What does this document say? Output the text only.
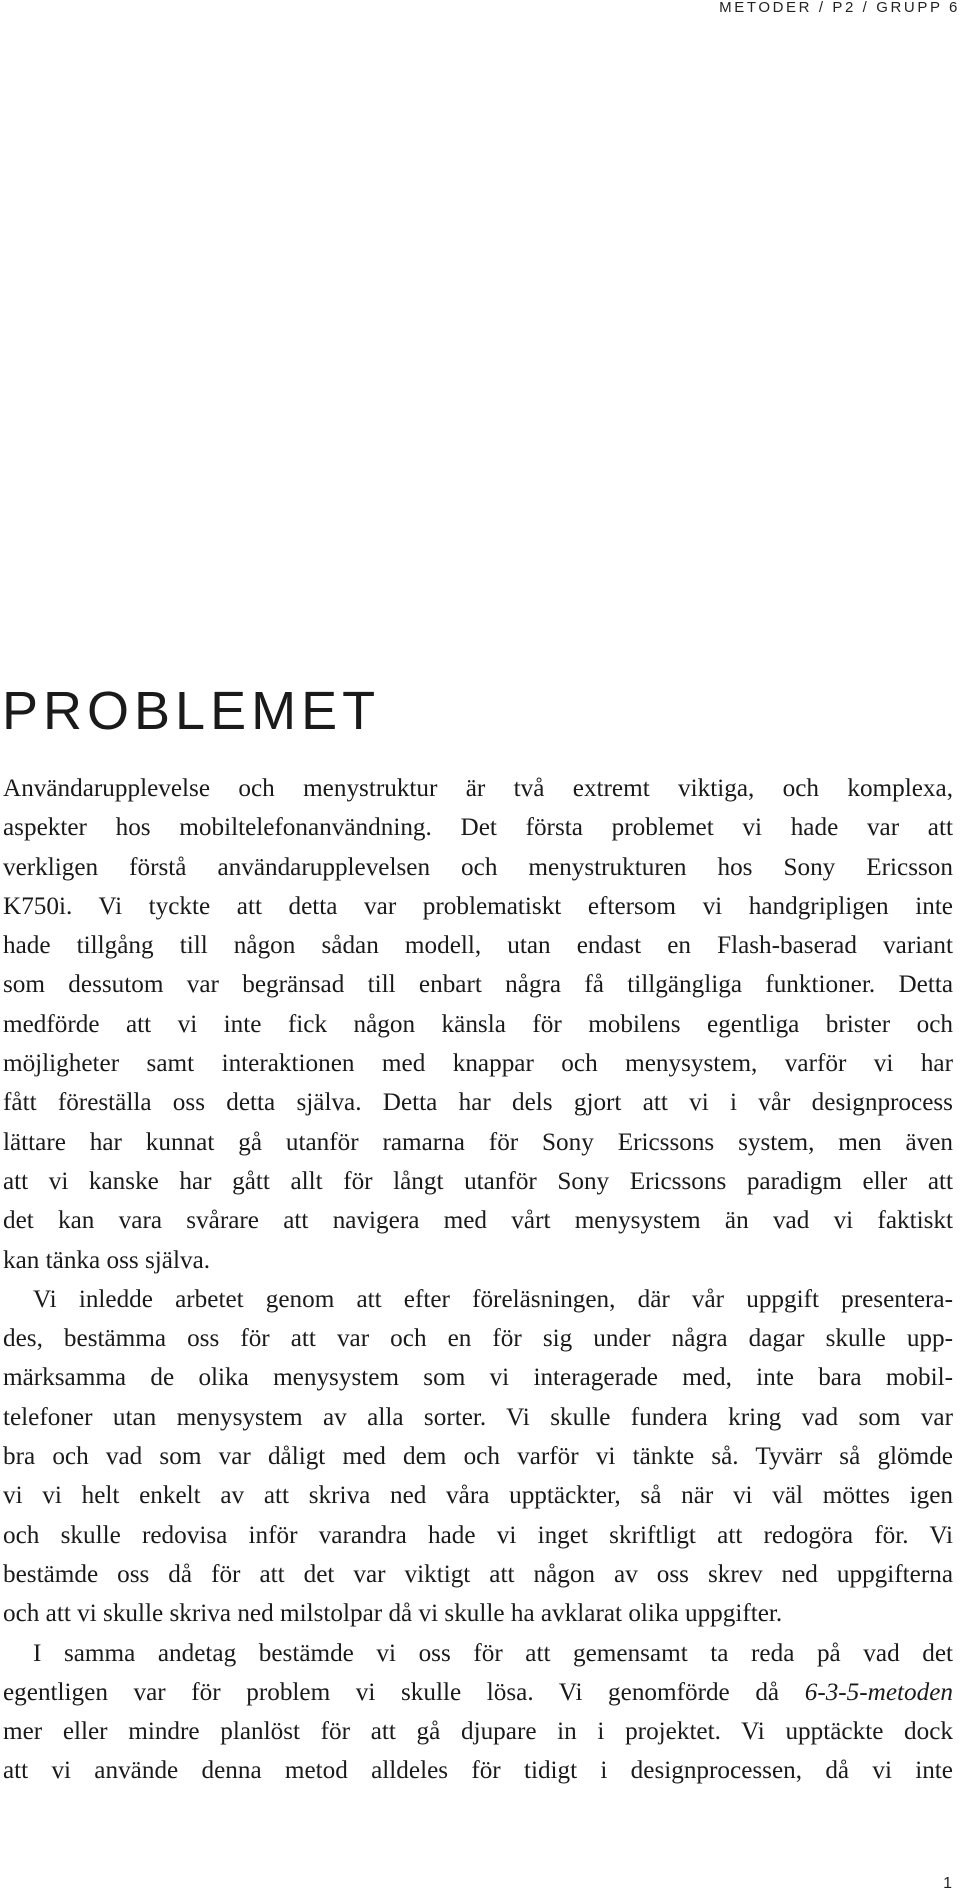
METODER / P2 / GRUPP 6
PROBLEMET
Användarupplevelse och menystruktur är två extremt viktiga, och komplexa,
aspekter hos mobiltelefonanvändning. Det första problemet vi hade var att
verkligen förstå användarupplevelsen och menystrukturen hos Sony Ericsson
K750i. Vi tyckte att detta var problematiskt eftersom vi handgripligen inte
hade tillgång till någon sådan modell, utan endast en Flash-baserad variant
som dessutom var begränsad till enbart några få tillgängliga funktioner. Detta
medförde att vi inte fick någon känsla för mobilens egentliga brister och
möjligheter samt interaktionen med knappar och menysystem, varför vi har
fått föreställa oss detta själva. Detta har dels gjort att vi i vår designprocess
lättare har kunnat gå utanför ramarna för Sony Ericssons system, men även
att vi kanske har gått allt för långt utanför Sony Ericssons paradigm eller att
det kan vara svårare att navigera med vårt menysystem än vad vi faktiskt
kan tänka oss själva.
Vi inledde arbetet genom att efter föreläsningen, där vår uppgift presentera-
des, bestämma oss för att var och en för sig under några dagar skulle upp-
märksamma de olika menysystem som vi interagerade med, inte bara mobil-
telefoner utan menysystem av alla sorter. Vi skulle fundera kring vad som var
bra och vad som var dåligt med dem och varför vi tänkte så. Tyvärr så glömde
vi vi helt enkelt av att skriva ned våra upptäckter, så när vi väl möttes igen
och skulle redovisa inför varandra hade vi inget skriftligt att redogöra för. Vi
bestämde oss då för att det var viktigt att någon av oss skrev ned uppgifterna
och att vi skulle skriva ned milstolpar då vi skulle ha avklarat olika uppgifter.
I samma andetag bestämde vi oss för att gemensamt ta reda på vad det
egentligen var för problem vi skulle lösa. Vi genomförde då 6-3-5-metoden
mer eller mindre planlöst för att gå djupare in i projektet. Vi upptäckte dock
att vi använde denna metod alldeles för tidigt i designprocessen, då vi inte
1
